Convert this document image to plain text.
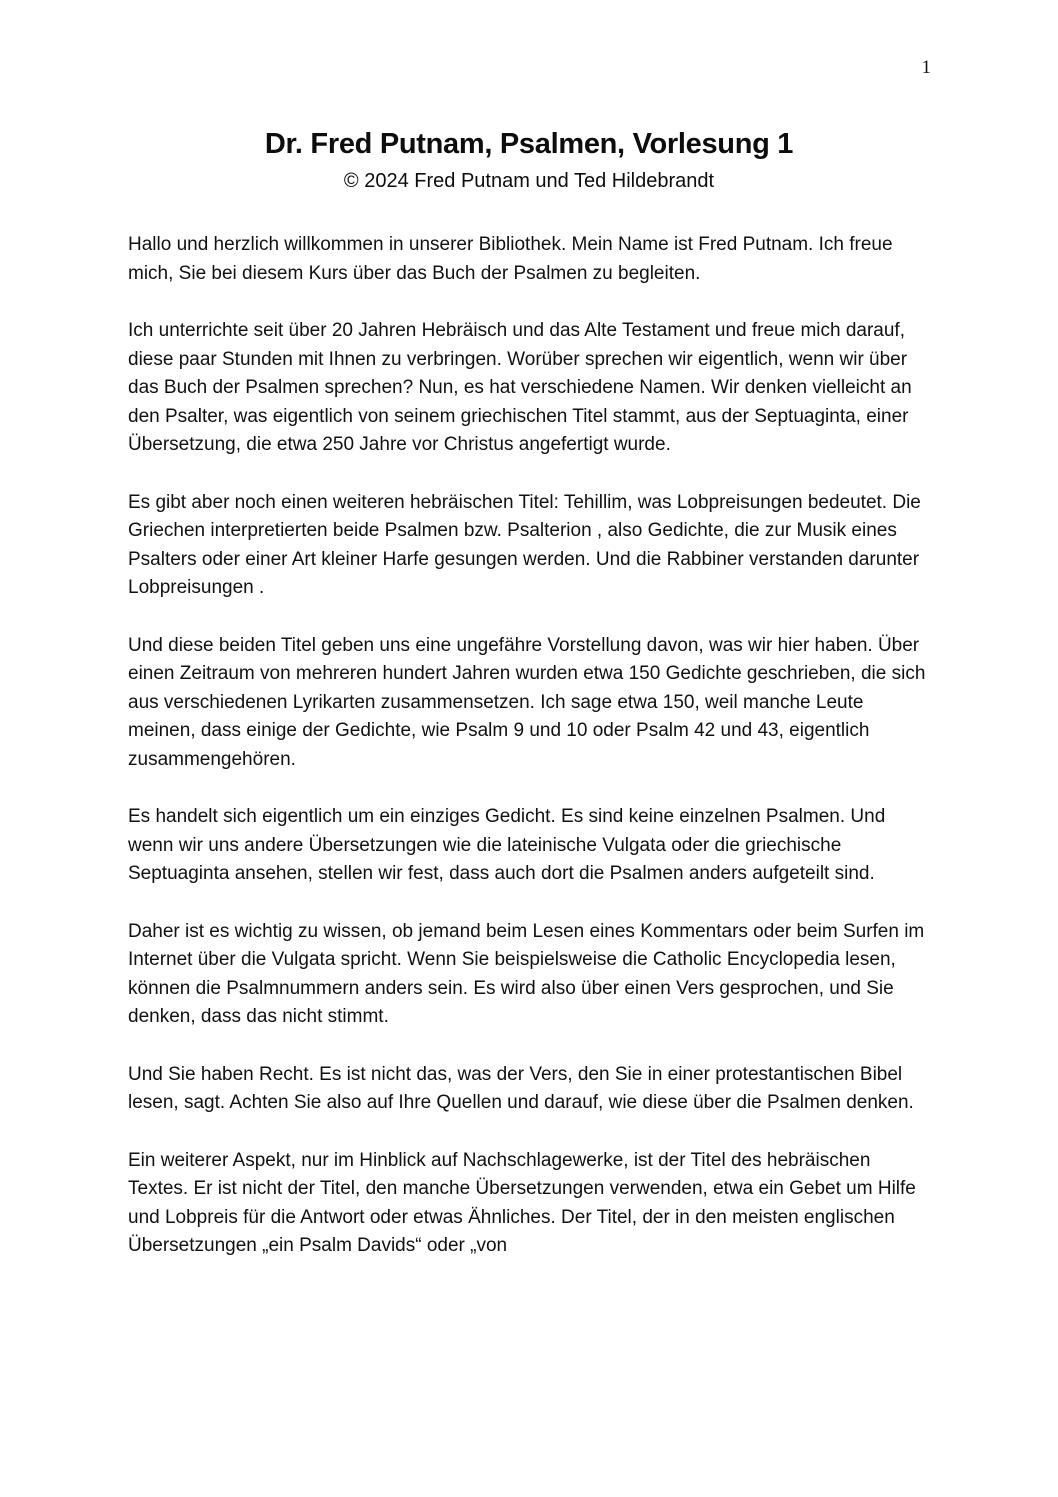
1
Dr. Fred Putnam, Psalmen, Vorlesung 1
© 2024 Fred Putnam und Ted Hildebrandt

Hallo und herzlich willkommen in unserer Bibliothek. Mein Name ist Fred Putnam. Ich freue mich, Sie bei diesem Kurs über das Buch der Psalmen zu begleiten.

Ich unterrichte seit über 20 Jahren Hebräisch und das Alte Testament und freue mich darauf, diese paar Stunden mit Ihnen zu verbringen. Worüber sprechen wir eigentlich, wenn wir über das Buch der Psalmen sprechen? Nun, es hat verschiedene Namen. Wir denken vielleicht an den Psalter, was eigentlich von seinem griechischen Titel stammt, aus der Septuaginta, einer Übersetzung, die etwa 250 Jahre vor Christus angefertigt wurde.

Es gibt aber noch einen weiteren hebräischen Titel: Tehillim, was Lobpreisungen bedeutet. Die Griechen interpretierten beide Psalmen bzw. Psalterion , also Gedichte, die zur Musik eines Psalters oder einer Art kleiner Harfe gesungen werden. Und die Rabbiner verstanden darunter Lobpreisungen .

Und diese beiden Titel geben uns eine ungefähre Vorstellung davon, was wir hier haben. Über einen Zeitraum von mehreren hundert Jahren wurden etwa 150 Gedichte geschrieben, die sich aus verschiedenen Lyrikarten zusammensetzen. Ich sage etwa 150, weil manche Leute meinen, dass einige der Gedichte, wie Psalm 9 und 10 oder Psalm 42 und 43, eigentlich zusammengehören.

Es handelt sich eigentlich um ein einziges Gedicht. Es sind keine einzelnen Psalmen. Und wenn wir uns andere Übersetzungen wie die lateinische Vulgata oder die griechische Septuaginta ansehen, stellen wir fest, dass auch dort die Psalmen anders aufgeteilt sind.

Daher ist es wichtig zu wissen, ob jemand beim Lesen eines Kommentars oder beim Surfen im Internet über die Vulgata spricht. Wenn Sie beispielsweise die Catholic Encyclopedia lesen, können die Psalmnummern anders sein. Es wird also über einen Vers gesprochen, und Sie denken, dass das nicht stimmt.

Und Sie haben Recht. Es ist nicht das, was der Vers, den Sie in einer protestantischen Bibel lesen, sagt. Achten Sie also auf Ihre Quellen und darauf, wie diese über die Psalmen denken.

Ein weiterer Aspekt, nur im Hinblick auf Nachschlagewerke, ist der Titel des hebräischen Textes. Er ist nicht der Titel, den manche Übersetzungen verwenden, etwa ein Gebet um Hilfe und Lobpreis für die Antwort oder etwas Ähnliches. Der Titel, der in den meisten englischen Übersetzungen „ein Psalm Davids“ oder „von
